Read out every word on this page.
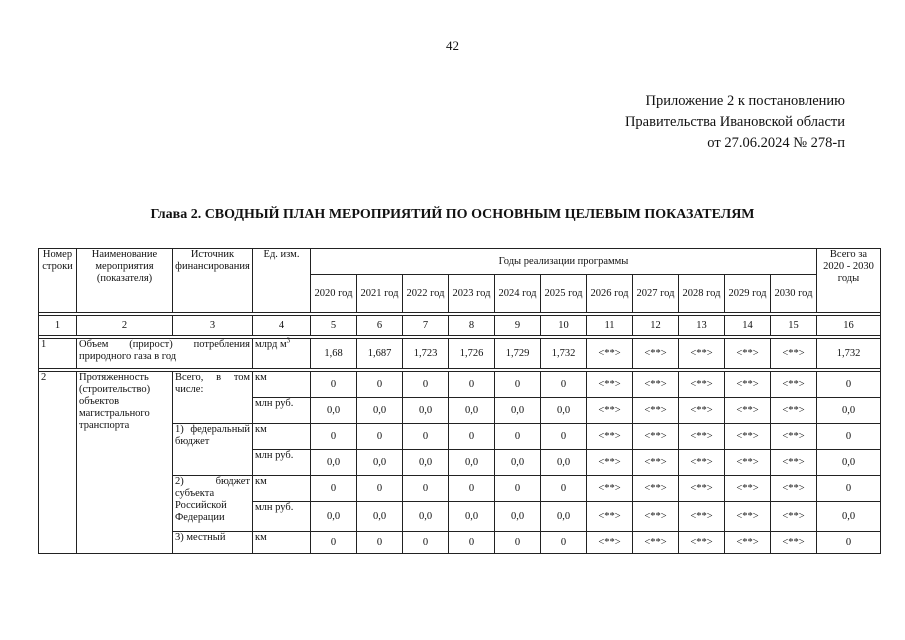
42
Приложение 2 к постановлению
Правительства Ивановской области
от 27.06.2024 № 278-п
Глава 2. СВОДНЫЙ ПЛАН МЕРОПРИЯТИЙ ПО ОСНОВНЫМ ЦЕЛЕВЫМ ПОКАЗАТЕЛЯМ
Номер строки	Наименование мероприятия (показателя)	Источник финансирования	Ед. изм.	Годы реализации программы											Всего за 2020 - 2030 годы
				2020 год	2021 год	2022 год	2023 год	2024 год	2025 год	2026 год	2027 год	2028 год	2029 год	2030 год	

1	2	3	4	5	6	7	8	9	10	11	12	13	14	15	16

1	Объем (прирост) потребления природного газа в год		млрд $м^3$	1,68	1,687	1,723	1,726	1,729	1,732	<**>	<**>	<**>	<**>	<**>	1,732

2	Протяженность (строительство) объектов магистрального транспорта	Всего, в том числе:	км	0	0	0	0	0	0	<**>	<**>	<**>	<**>	<**>	0
			млн руб.	0,0	0,0	0,0	0,0	0,0	0,0	<**>	<**>	<**>	<**>	<**>	0,0
		1) федеральный бюджет	км	0	0	0	0	0	0	<**>	<**>	<**>	<**>	<**>	0
			млн руб.	0,0	0,0	0,0	0,0	0,0	0,0	<**>	<**>	<**>	<**>	<**>	0,0
		2) бюджет субъекта Российской Федерации	км	0	0	0	0	0	0	<**>	<**>	<**>	<**>	<**>	0
			млн руб.	0,0	0,0	0,0	0,0	0,0	0,0	<**>	<**>	<**>	<**>	<**>	0,0
		3) местный	км	0	0	0	0	0	0	<**>	<**>	<**>	<**>	<**>	0
